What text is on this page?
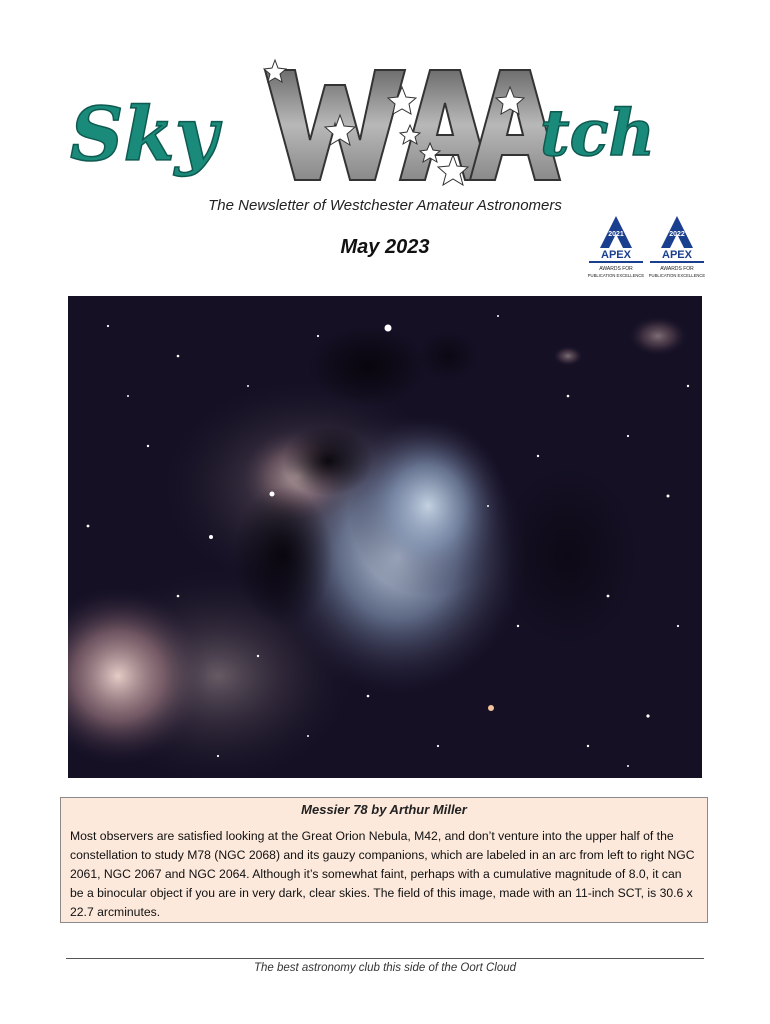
Sky
WAA
tch
The Newsletter of Westchester Amateur Astronomers
May 2023
2021
APEX
AWARDS FOR
PUBLICATION EXCELLENCE
2022
APEX
AWARDS FOR
PUBLICATION EXCELLENCE

Messier 78 by Arthur Miller

Most observers are satisfied looking at the Great Orion Nebula, M42, and don’t venture into the upper half of the constellation to study M78 (NGC 2068) and its gauzy companions, which are labeled in an arc from left to right NGC 2061, NGC 2067 and NGC 2064. Although it’s somewhat faint, perhaps with a cumulative magnitude of 8.0, it can be a binocular object if you are in very dark, clear skies. The field of this image, made with an 11-inch SCT, is 30.6 x 22.7 arcminutes.

The best astronomy club this side of the Oort Cloud
